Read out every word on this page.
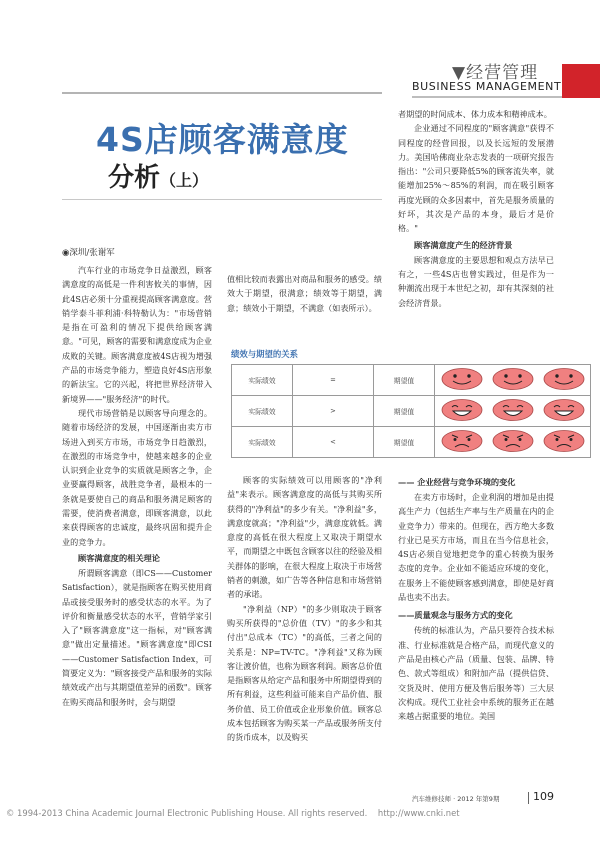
▼经营管理
BUSINESS MANAGEMENT
4S店顾客满意度
分析（上）
◉深圳/张谢军

汽车行业的市场竞争日益激烈，顾客满意度的高低是一件利害攸关的事情，因此4S店必须十分重视提高顾客满意度。营销学泰斗菲利浦·科特勒认为："市场营销是指在可盈利的情况下提供给顾客满意。"可见，顾客的需要和满意度成为企业成败的关键。顾客满意度被4S店视为增强产品的市场竞争能力，塑造良好4S店形象的新法宝。它的兴起，将把世界经济带入新境界——"服务经济"的时代。

现代市场营销是以顾客导向理念的。随着市场经济的发展，中国逐渐由卖方市场进入到买方市场，市场竞争日趋激烈，在激烈的市场竞争中，使越来越多的企业认识到企业竞争的实质就是顾客之争，企业要赢得顾客，战胜竞争者，最根本的一条就是要使自己的商品和服务满足顾客的需要，使消费者满意，即顾客满意，以此来获得顾客的忠诚度，最终巩固和提升企业的竞争力。

顾客满意度的相关理论

所谓顾客满意（即CS——Customer Satisfaction），就是指顾客在购买使用商品或接受服务时的感受状态的水平。为了评价和衡量感受状态的水平，营销学家引入了"顾客满意度"这一指标，对"顾客满意"做出定量描述。"顾客满意度"即CSI——Customer Satisfaction Index，可简要定义为："顾客接受产品和服务的实际绩效或产出与其期望值差异的函数"。顾客在购买商品和服务时，会与期望

值相比较而表露出对商品和服务的感受。绩效大于期望，很满意；绩效等于期望，满意；绩效小于期望，不满意（如表所示）。

绩效与期望的关系
实际绩效	=	期望值	
实际绩效	>	期望值	
实际绩效	<	期望值	

顾客的实际绩效可以用顾客的"净利益"来表示。顾客满意度的高低与其购买所获得的"净利益"的多少有关。"净利益"多，满意度就高；"净利益"少，满意度就低。满意度的高低在很大程度上又取决于期望水平，而期望之中既包含顾客以往的经验及相关群体的影响，在很大程度上取决于市场营销者的刺激，如广告等各种信息和市场营销者的承诺。

"净利益（NP）"的多少则取决于顾客购买所获得的"总价值（TV）"的多少和其付出"总成本（TC）"的高低，三者之间的关系是：NP=TV-TC。"净利益"又称为顾客让渡价值，也称为顾客利润。顾客总价值是指顾客从给定产品和服务中所期望得到的所有利益，这些利益可能来自产品价值、服务价值、员工价值或企业形象价值。顾客总成本包括顾客为购买某一产品或服务所支付的货币成本，以及购买

者期望的时间成本、体力成本和精神成本。

企业通过不同程度的"顾客满意"获得不同程度的经营回报，以及长远短的发展潜力。美国哈佛商业杂志发表的一项研究报告指出："公司只要降低5%的顾客流失率，就能增加25%～85%的利润，而在吸引顾客再度光顾的众多因素中，首先是服务质量的好坏，其次是产品的本身，最后才是价格。"

顾客满意度产生的经济背景

顾客满意度的主要思想和观点方法早已有之，一些4S店也曾实践过，但是作为一种潮流出现于本世纪之初，却有其深刻的社会经济背景。

—— 企业经营与竞争环境的变化

在卖方市场时，企业利润的增加是由提高生产力（包括生产率与生产质量在内的企业竞争力）带来的。但现在，西方绝大多数行业已是买方市场，而且在当今信息社会，4S店必须自觉地把竞争的重心转换为服务态度的竞争。企业如不能适应环境的变化，在服务上不能使顾客感到满意，即使是好商品也卖不出去。

——质量观念与服务方式的变化

传统的标准认为，产品只要符合技术标准、行业标准就是合格产品，而现代意义的产品是由核心产品（质量、包装、品牌、特色、款式等组成）和附加产品（提供信贷、交货及时、使用方便及售后服务等）三大层次构成。现代工业社会中系统的服务正在越来越占据重要的地位。美国

汽车维修技师 · 2012 年第9期	109
© 1994-2013 China Academic Journal Electronic Publishing House. All rights reserved.    http://www.cnki.net
